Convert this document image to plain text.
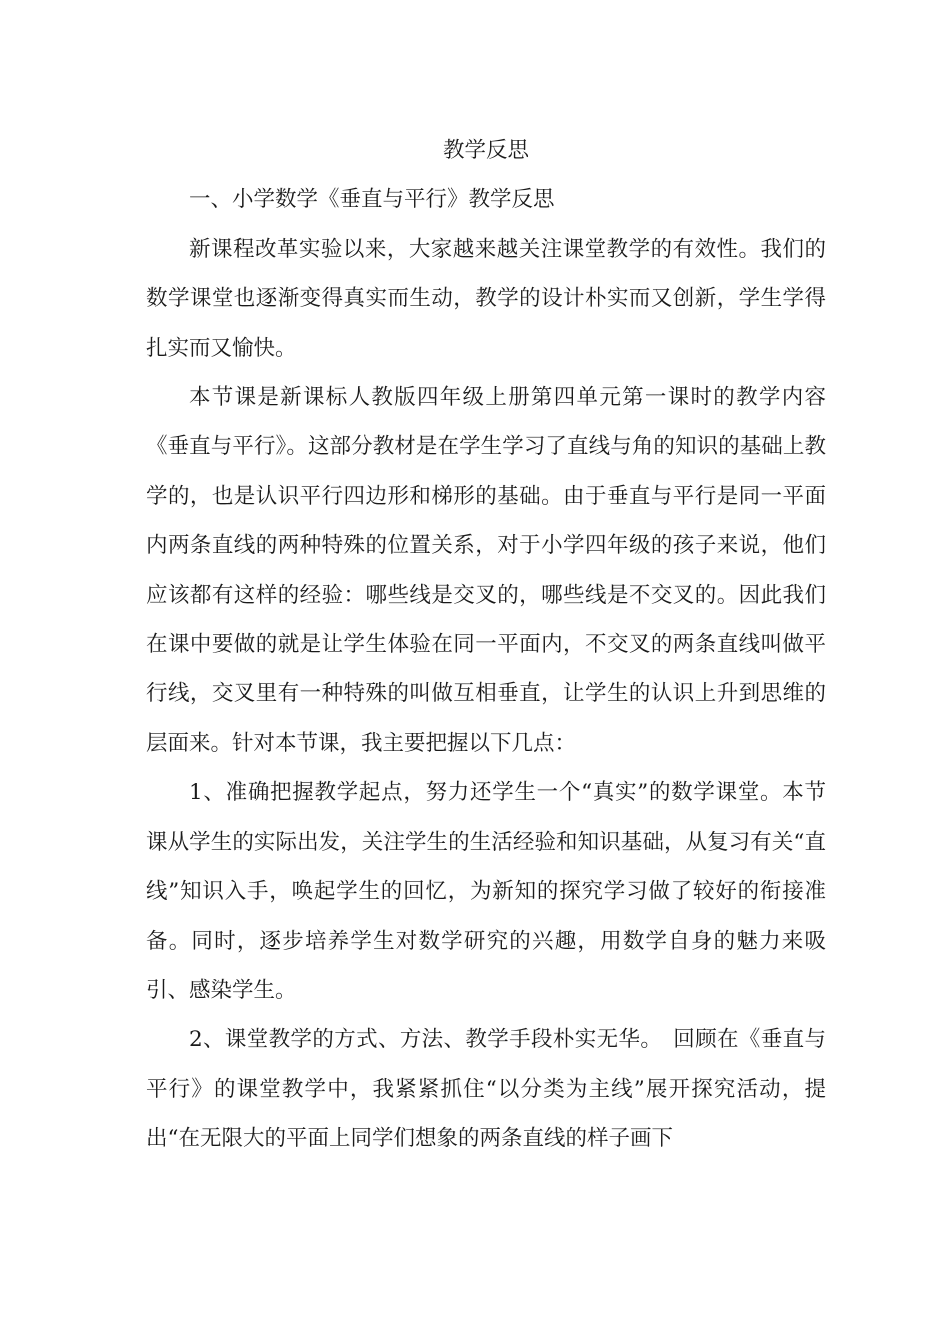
教学反思

一、小学数学《垂直与平行》教学反思

新课程改革实验以来，大家越来越关注课堂教学的有效性。我们的数学课堂也逐渐变得真实而生动，教学的设计朴实而又创新，学生学得扎实而又愉快。

本节课是新课标人教版四年级上册第四单元第一课时的教学内容《垂直与平行》。这部分教材是在学生学习了直线与角的知识的基础上教学的，也是认识平行四边形和梯形的基础。由于垂直与平行是同一平面内两条直线的两种特殊的位置关系，对于小学四年级的孩子来说，他们应该都有这样的经验：哪些线是交叉的，哪些线是不交叉的。因此我们在课中要做的就是让学生体验在同一平面内，不交叉的两条直线叫做平行线，交叉里有一种特殊的叫做互相垂直，让学生的认识上升到思维的层面来。针对本节课，我主要把握以下几点：

1、准确把握教学起点，努力还学生一个“真实”的数学课堂。本节课从学生的实际出发，关注学生的生活经验和知识基础，从复习有关“直线”知识入手，唤起学生的回忆，为新知的探究学习做了较好的衔接准备。同时，逐步培养学生对数学研究的兴趣，用数学自身的魅力来吸引、感染学生。

2、课堂教学的方式、方法、教学手段朴实无华。　回顾在《垂直与平行》的课堂教学中，我紧紧抓住“以分类为主线”展开探究活动，提出“在无限大的平面上同学们想象的两条直线的样子画下
